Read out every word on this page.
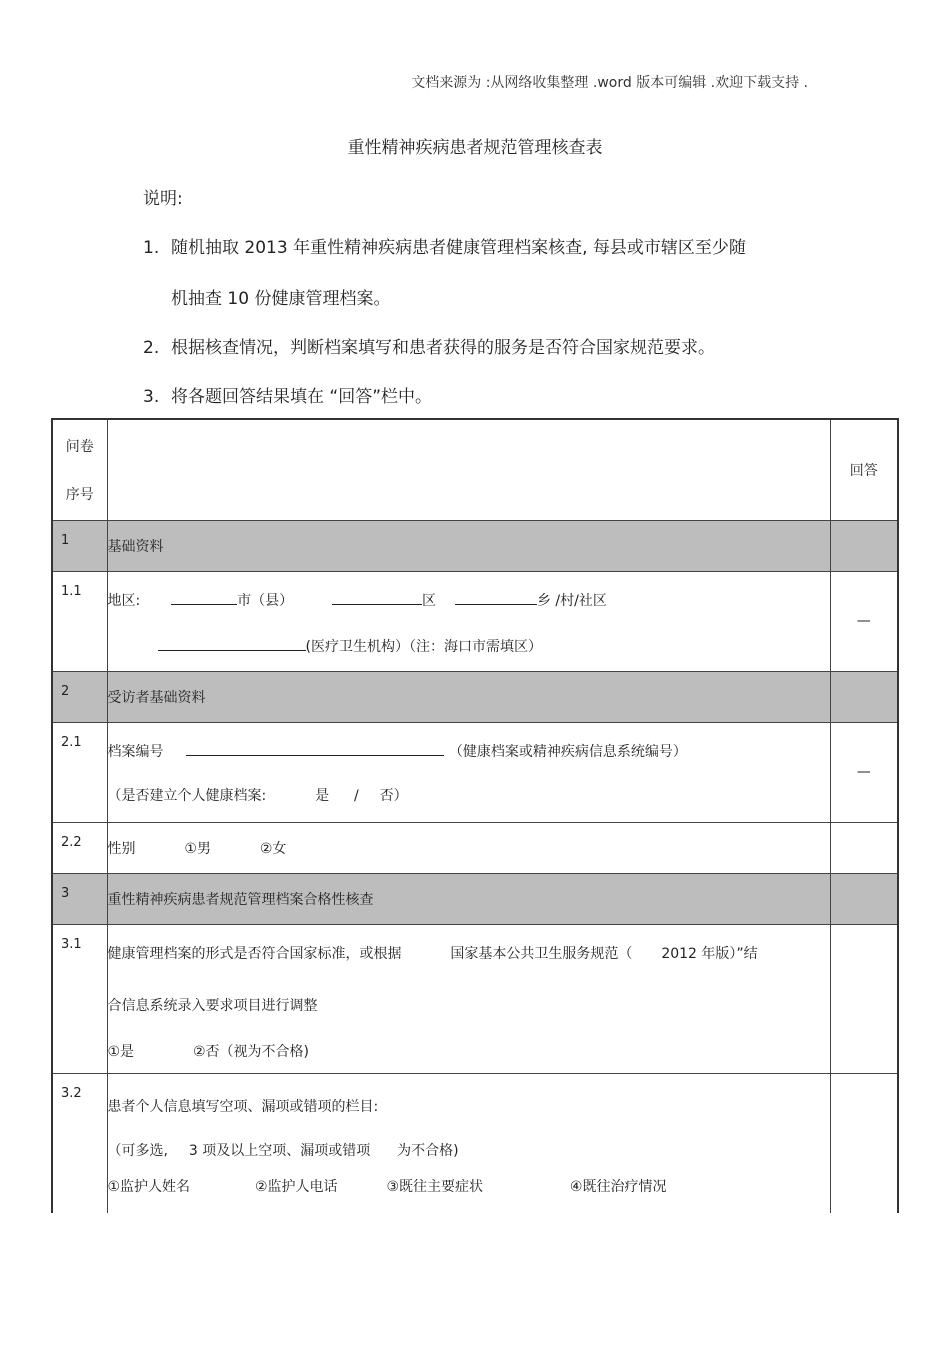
文档来源为 :从网络收集整理 .word 版本可编辑 .欢迎下载支持 .
重性精神疾病患者规范管理核查表
说明:
1. 随机抽取 2013 年重性精神疾病患者健康管理档案核查, 每县或市辖区至少随
机抽查 10 份健康管理档案。
2. 根据核查情况，判断档案填写和患者获得的服务是否符合国家规范要求。
3. 将各题回答结果填在 “回答”栏中。
问卷
序号		回答
1	基础资料	
1.1	地区: 市（县） 区 乡 /村/社区
(医疗卫生机构）（注：海口市需填区）	—
2	受访者基础资料	
2.1	档案编号 （健康档案或精神疾病信息系统编号）
（是否建立个人健康档案: 是 / 否）	—
2.2	性别 ①男 ②女	
3	重性精神疾病患者规范管理档案合格性核查	
3.1	健康管理档案的形式是否符合国家标准，或根据 国家基本公共卫生服务规范（ 2012 年版）”结
合信息系统录入要求项目进行调整
①是 ②否（视为不合格)	

3.2	患者个人信息填写空项、漏项或错项的栏目:
（可多选, 3 项及以上空项、漏项或错项 为不合格)
①监护人姓名 ②监护人电话 ③既往主要症状 ④既往治疗情况	
